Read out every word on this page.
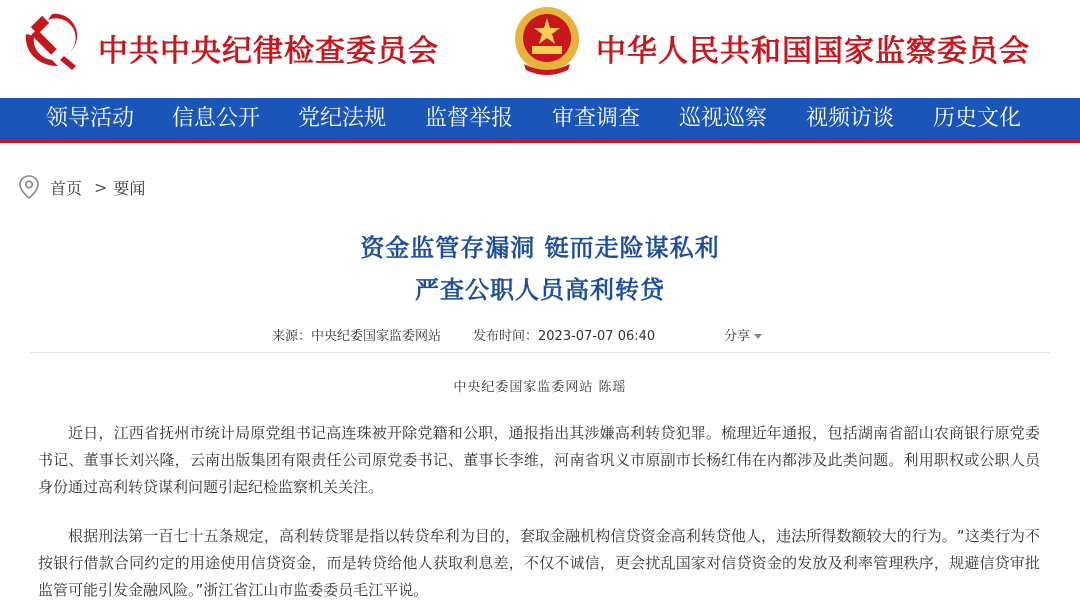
中共中央纪律检查委员会	中华人民共和国国家监察委员会
领导活动 信息公开 党纪法规 监督举报 审查调查 巡视巡察 视频访谈 历史文化
首页 > 要闻
资金监管存漏洞 铤而走险谋私利
严查公职人员高利转贷
来源：中央纪委国家监委网站 发布时间：2023-07-07 06:40	分享
中央纪委国家监委网站 陈瑶

近日，江西省抚州市统计局原党组书记高连珠被开除党籍和公职，通报指出其涉嫌高利转贷犯罪。梳理近年通报，包括湖南省韶山农商银行原党委书记、董事长刘兴隆，云南出版集团有限责任公司原党委书记、董事长李维，河南省巩义市原副市长杨红伟在内都涉及此类问题。利用职权或公职人员身份通过高利转贷谋利问题引起纪检监察机关关注。

根据刑法第一百七十五条规定，高利转贷罪是指以转贷牟利为目的，套取金融机构信贷资金高利转贷他人，违法所得数额较大的行为。“这类行为不按银行借款合同约定的用途使用信贷资金，而是转贷给他人获取利息差，不仅不诚信，更会扰乱国家对信贷资金的发放及利率管理秩序，规避信贷审批监管可能引发金融风险。”浙江省江山市监委委员毛江平说。
